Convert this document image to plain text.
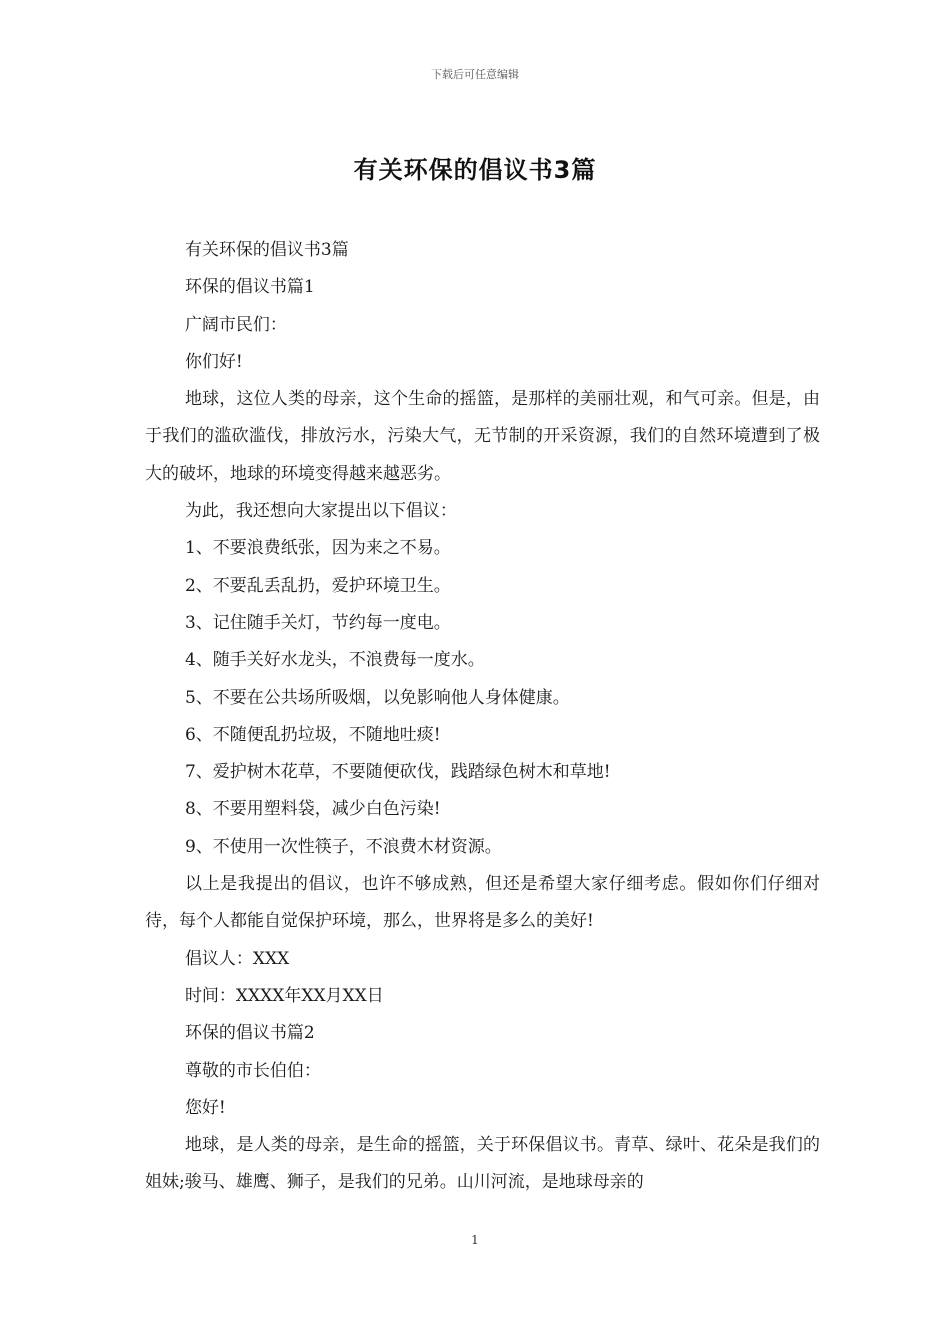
下载后可任意编辑
有关环保的倡议书3篇

有关环保的倡议书3篇

环保的倡议书篇1

广阔市民们：

你们好!

地球，这位人类的母亲，这个生命的摇篮，是那样的美丽壮观，和气可亲。但是，由于我们的滥砍滥伐，排放污水，污染大气，无节制的开采资源，我们的自然环境遭到了极大的破坏，地球的环境变得越来越恶劣。

为此，我还想向大家提出以下倡议：

1、不要浪费纸张，因为来之不易。

2、不要乱丢乱扔，爱护环境卫生。

3、记住随手关灯，节约每一度电。

4、随手关好水龙头，不浪费每一度水。

5、不要在公共场所吸烟，以免影响他人身体健康。

6、不随便乱扔垃圾，不随地吐痰!

7、爱护树木花草，不要随便砍伐，践踏绿色树木和草地!

8、不要用塑料袋，减少白色污染!

9、不使用一次性筷子，不浪费木材资源。

以上是我提出的倡议，也许不够成熟，但还是希望大家仔细考虑。假如你们仔细对待，每个人都能自觉保护环境，那么，世界将是多么的美好!

倡议人：XXX

时间：XXXX年XX月XX日

环保的倡议书篇2

尊敬的市长伯伯：

您好!

地球，是人类的母亲，是生命的摇篮，关于环保倡议书。青草、绿叶、花朵是我们的姐妹;骏马、雄鹰、狮子，是我们的兄弟。山川河流，是地球母亲的

1
